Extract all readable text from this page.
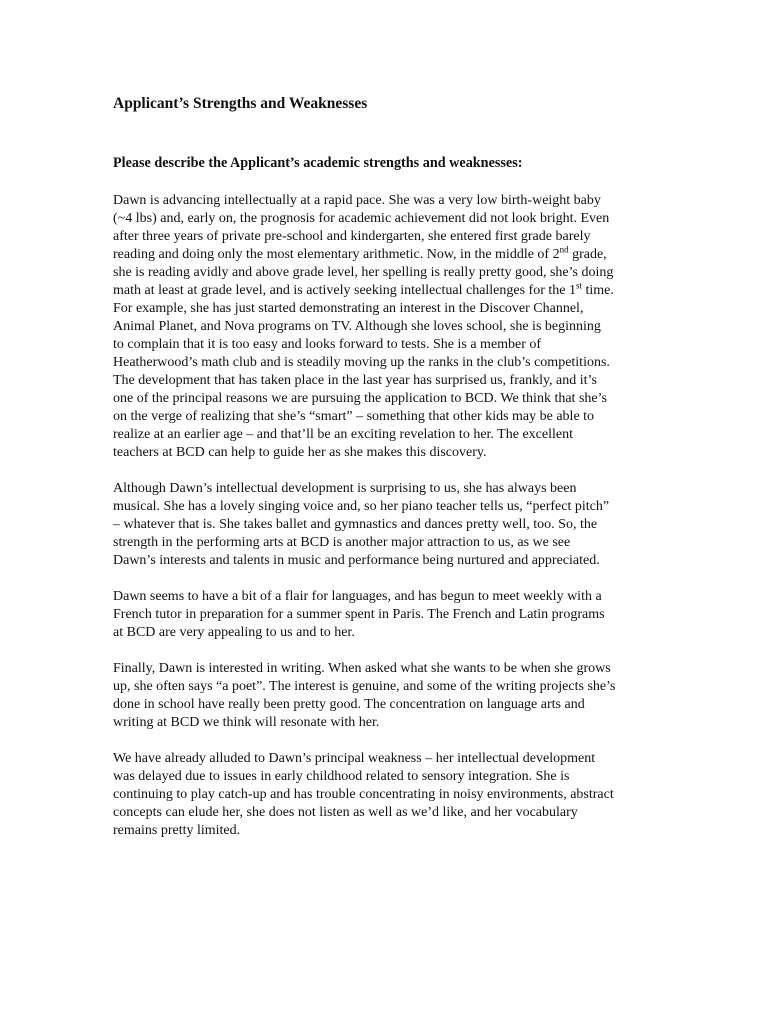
Applicant’s Strengths and Weaknesses
Please describe the Applicant’s academic strengths and weaknesses:
Dawn is advancing intellectually at a rapid pace. She was a very low birth-weight baby
(~4 lbs) and, early on, the prognosis for academic achievement did not look bright. Even
after three years of private pre-school and kindergarten, she entered first grade barely
reading and doing only the most elementary arithmetic. Now, in the middle of 2nd grade,
she is reading avidly and above grade level, her spelling is really pretty good, she’s doing
math at least at grade level, and is actively seeking intellectual challenges for the 1st time.
For example, she has just started demonstrating an interest in the Discover Channel,
Animal Planet, and Nova programs on TV. Although she loves school, she is beginning
to complain that it is too easy and looks forward to tests. She is a member of
Heatherwood’s math club and is steadily moving up the ranks in the club’s competitions.
The development that has taken place in the last year has surprised us, frankly, and it’s
one of the principal reasons we are pursuing the application to BCD. We think that she’s
on the verge of realizing that she’s “smart” – something that other kids may be able to
realize at an earlier age – and that’ll be an exciting revelation to her. The excellent
teachers at BCD can help to guide her as she makes this discovery.
Although Dawn’s intellectual development is surprising to us, she has always been
musical. She has a lovely singing voice and, so her piano teacher tells us, “perfect pitch”
– whatever that is. She takes ballet and gymnastics and dances pretty well, too. So, the
strength in the performing arts at BCD is another major attraction to us, as we see
Dawn’s interests and talents in music and performance being nurtured and appreciated.
Dawn seems to have a bit of a flair for languages, and has begun to meet weekly with a
French tutor in preparation for a summer spent in Paris. The French and Latin programs
at BCD are very appealing to us and to her.
Finally, Dawn is interested in writing. When asked what she wants to be when she grows
up, she often says “a poet”. The interest is genuine, and some of the writing projects she’s
done in school have really been pretty good. The concentration on language arts and
writing at BCD we think will resonate with her.
We have already alluded to Dawn’s principal weakness – her intellectual development
was delayed due to issues in early childhood related to sensory integration. She is
continuing to play catch-up and has trouble concentrating in noisy environments, abstract
concepts can elude her, she does not listen as well as we’d like, and her vocabulary
remains pretty limited.
